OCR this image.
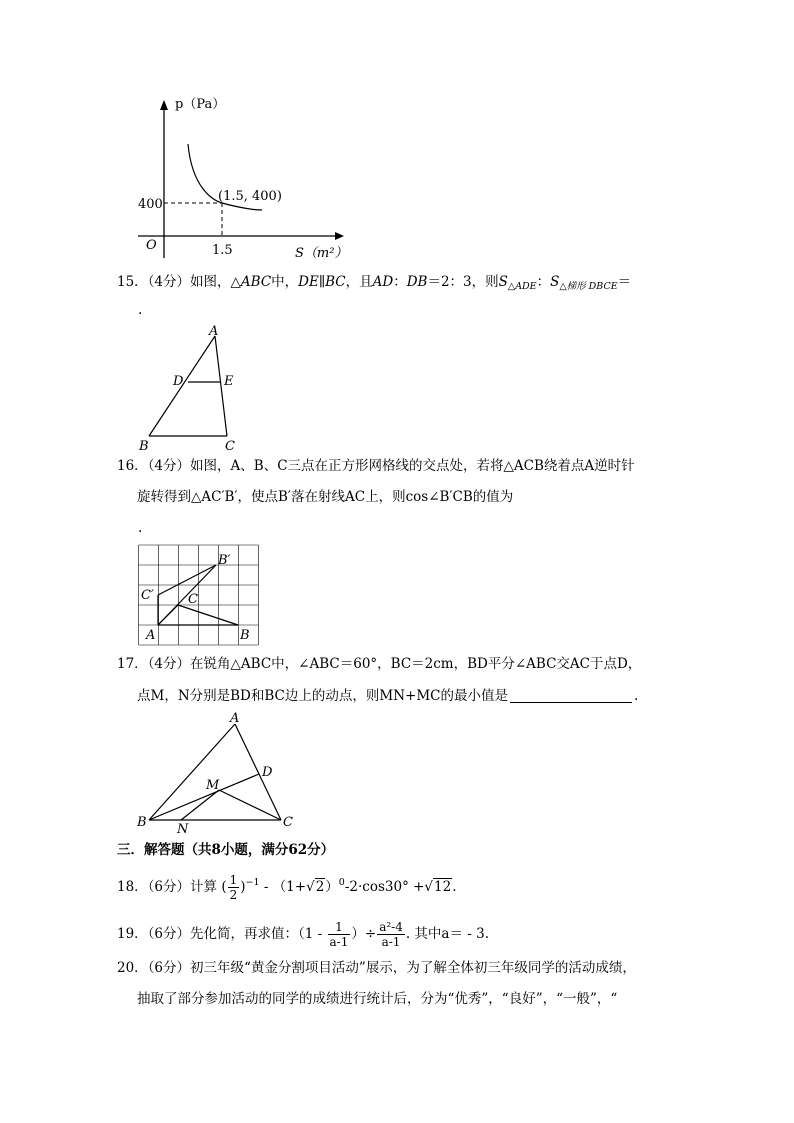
p（Pa）
S（m²）
O
400
1.5
(1.5, 400)
15．（4分）如图，△ABC中，DE∥BC，且AD：DB＝2：3，则$S_{\triangle ADE}$：$S_{\triangle 梯形 DBCE}=$
.
A
D	E
B	C
16．（4分）如图，A、B、C三点在正方形网格线的交点处，若将△ACB绕着点A逆时针
旋转得到△AC′B′，使点B′落在射线AC上，则cos∠B′CB的值为
.
A	B
C
C′
B′
17．（4分）在锐角△ABC中，∠ABC＝60°，BC＝2cm，BD平分∠ABC交AC于点D，
点M，N分别是BD和BC边上的动点，则MN+MC的最小值是	.
A
D
M
B	C
N
三．解答题（共8小题，满分62分）
18．（6分）计算 ( $\frac{1}{2} )^{-1} - (1+√2)^0-2\cdot\cos 30^\circ +√12$.
19．（6分）先化简，再求值：（$1 - \frac{1}{a-1}$ ）÷ $\frac{\text{a²-4}}{a-1}$ . 其中a＝ - 3.
20．（6分）初三年级“黄金分割项目活动”展示，为了解全体初三年级同学的活动成绩，
抽取了部分参加活动的同学的成绩进行统计后，分为“优秀”，“良好”，“一般”，“
